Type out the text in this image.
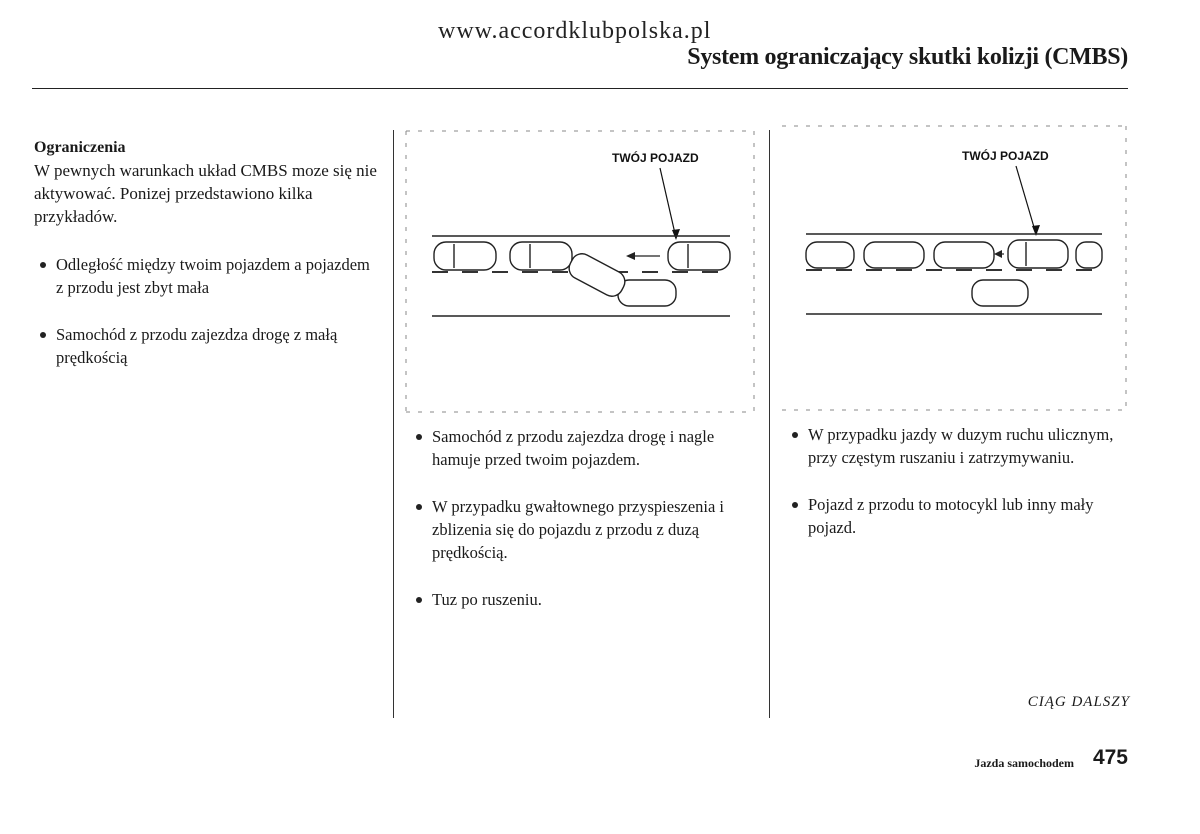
www.accordklubpolska.pl
System ograniczający skutki kolizji (CMBS)
Ograniczenia
W pewnych warunkach układ CMBS moze się nie aktywować. Ponizej przedstawiono kilka przykładów.
Odległość między twoim pojazdem a pojazdem z przodu jest zbyt mała
Samochód z przodu zajezdza drogę z małą prędkością
TWÓJ POJAZD
Samochód z przodu zajezdza drogę i nagle hamuje przed twoim pojazdem.
W przypadku gwałtownego przyspieszenia i zblizenia się do pojazdu z przodu z duzą prędkością.
Tuz po ruszeniu.
TWÓJ POJAZD
W przypadku jazdy w duzym ruchu ulicznym, przy częstym ruszaniu i zatrzymywaniu.
Pojazd z przodu to motocykl lub inny mały pojazd.
CIĄG DALSZY
Jazda samochodem 475
